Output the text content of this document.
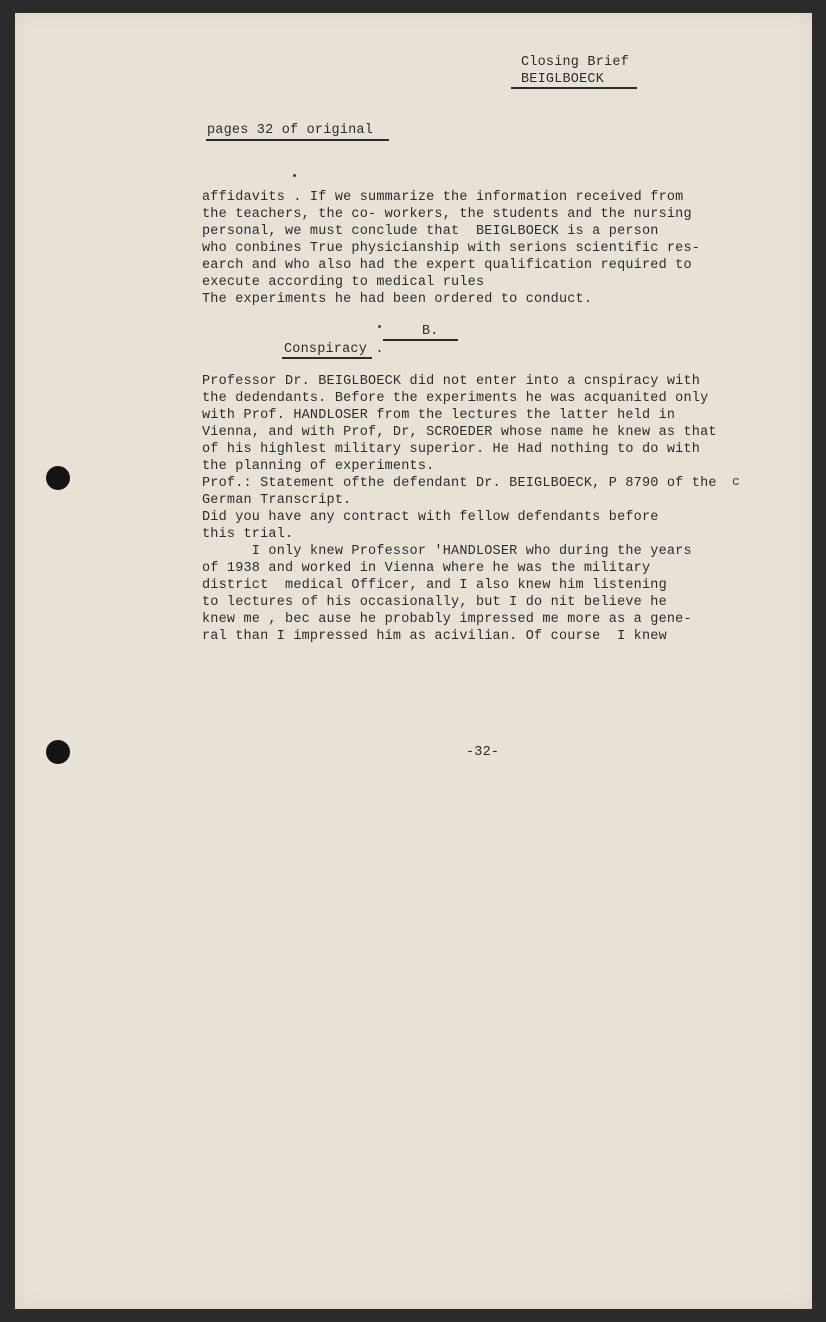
Closing Brief
BEIGLBOECK
pages 32 of original
affidavits . If we summarize the information received from
the teachers, the co- workers, the students and the nursing
personal, we must conclude that  BEIGLBOECK is a person
who conbines True physicianship with serions scientific res-
earch and who also had the expert qualification required to
execute according to medical rules
The experiments he had been ordered to conduct.
B.
Conspiracy .
Professor Dr. BEIGLBOECK did not enter into a cnspiracy with
the dedendants. Before the experiments he was acquanited only
with Prof. HANDLOSER from the lectures the latter held in
Vienna, and with Prof, Dr, SCROEDER whose name he knew as that
of his highlest military superior. He Had nothing to do with
the planning of experiments.
Prof.: Statement ofthe defendant Dr. BEIGLBOECK, P 8790 of the
German Transcript.
Did you have any contract with fellow defendants before
this trial.
c
I only knew Professor 'HANDLOSER who during the years
of 1938 and worked in Vienna where he was the military
district  medical Officer, and I also knew him listening
to lectures of his occasionally, but I do nit believe he
knew me , bec ause he probably impressed me more as a gene-
ral than I impressed him as acivilian. Of course  I knew
-32-
